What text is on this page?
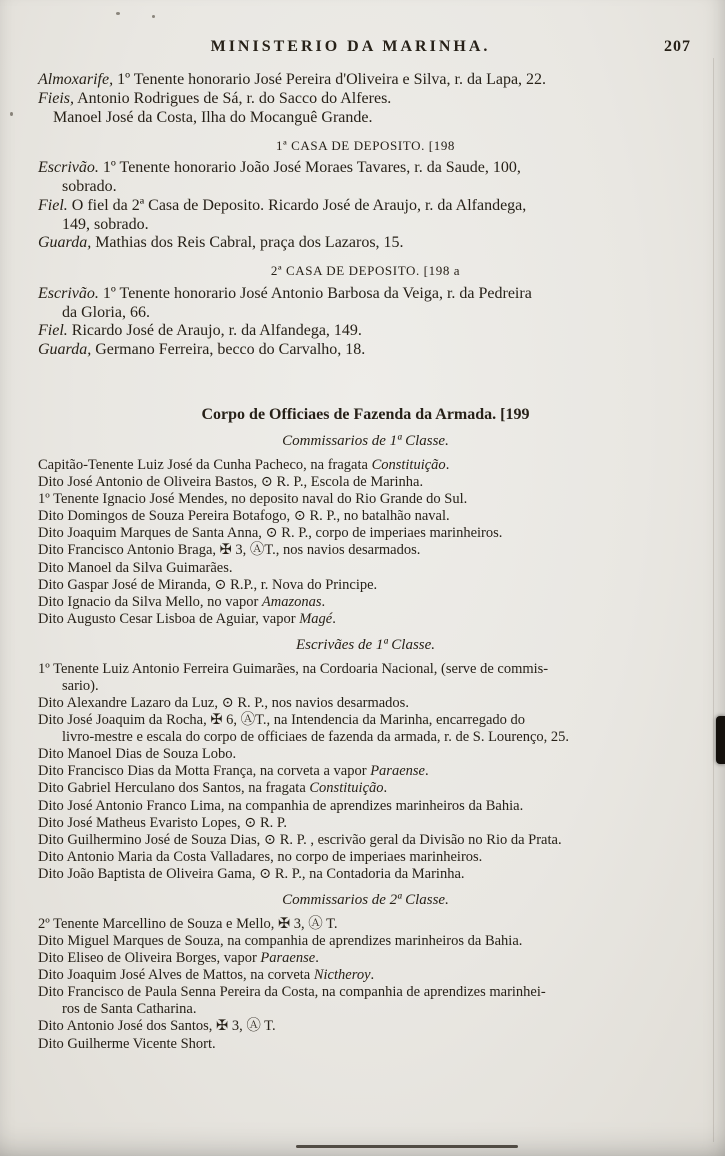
MINISTERIO DA MARINHA.	207

Almoxarife, 1º Tenente honorario José Pereira d'Oliveira e Silva, r. da Lapa, 22.

Fieis, Antonio Rodrigues de Sá, r. do Sacco do Alferes.

Manoel José da Costa, Ilha do Mocanguê Grande.

1ª CASA DE DEPOSITO. [198

Escrivão. 1º Tenente honorario João José Moraes Tavares, r. da Saude, 100,
sobrado.

Fiel. O fiel da 2ª Casa de Deposito. Ricardo José de Araujo, r. da Alfandega,
149, sobrado.

Guarda, Mathias dos Reis Cabral, praça dos Lazaros, 15.

2ª CASA DE DEPOSITO. [198 a

Escrivão. 1º Tenente honorario José Antonio Barbosa da Veiga, r. da Pedreira
da Gloria, 66.

Fiel. Ricardo José de Araujo, r. da Alfandega, 149.

Guarda, Germano Ferreira, becco do Carvalho, 18.

Corpo de Officiaes de Fazenda da Armada. [199

Commissarios de 1ª Classe.

Capitão-Tenente Luiz José da Cunha Pacheco, na fragata Constituição.

Dito José Antonio de Oliveira Bastos, ⊙ R. P., Escola de Marinha.

1º Tenente Ignacio José Mendes, no deposito naval do Rio Grande do Sul.

Dito Domingos de Souza Pereira Botafogo, ⊙ R. P., no batalhão naval.

Dito Joaquim Marques de Santa Anna, ⊙ R. P., corpo de imperiaes marinheiros.

Dito Francisco Antonio Braga, ✠ 3, ⒶT., nos navios desarmados.

Dito Manoel da Silva Guimarães.

Dito Gaspar José de Miranda, ⊙ R.P., r. Nova do Principe.

Dito Ignacio da Silva Mello, no vapor Amazonas.

Dito Augusto Cesar Lisboa de Aguiar, vapor Magé.

Escrivães de 1ª Classe.

1º Tenente Luiz Antonio Ferreira Guimarães, na Cordoaria Nacional, (serve de commis-
sario).

Dito Alexandre Lazaro da Luz, ⊙ R. P., nos navios desarmados.

Dito José Joaquim da Rocha, ✠ 6, ⒶT., na Intendencia da Marinha, encarregado do
livro-mestre e escala do corpo de officiaes de fazenda da armada, r. de S. Lourenço, 25.

Dito Manoel Dias de Souza Lobo.

Dito Francisco Dias da Motta França, na corveta a vapor Paraense.

Dito Gabriel Herculano dos Santos, na fragata Constituição.

Dito José Antonio Franco Lima, na companhia de aprendizes marinheiros da Bahia.

Dito José Matheus Evaristo Lopes, ⊙ R. P.

Dito Guilhermino José de Souza Dias, ⊙ R. P. , escrivão geral da Divisão no Rio da Prata.

Dito Antonio Maria da Costa Valladares, no corpo de imperiaes marinheiros.

Dito João Baptista de Oliveira Gama, ⊙ R. P., na Contadoria da Marinha.

Commissarios de 2ª Classe.

2º Tenente Marcellino de Souza e Mello, ✠ 3, Ⓐ T.

Dito Miguel Marques de Souza, na companhia de aprendizes marinheiros da Bahia.

Dito Eliseo de Oliveira Borges, vapor Paraense.

Dito Joaquim José Alves de Mattos, na corveta Nictheroy.

Dito Francisco de Paula Senna Pereira da Costa, na companhia de aprendizes marinhei-
ros de Santa Catharina.

Dito Antonio José dos Santos, ✠ 3, Ⓐ T.

Dito Guilherme Vicente Short.
